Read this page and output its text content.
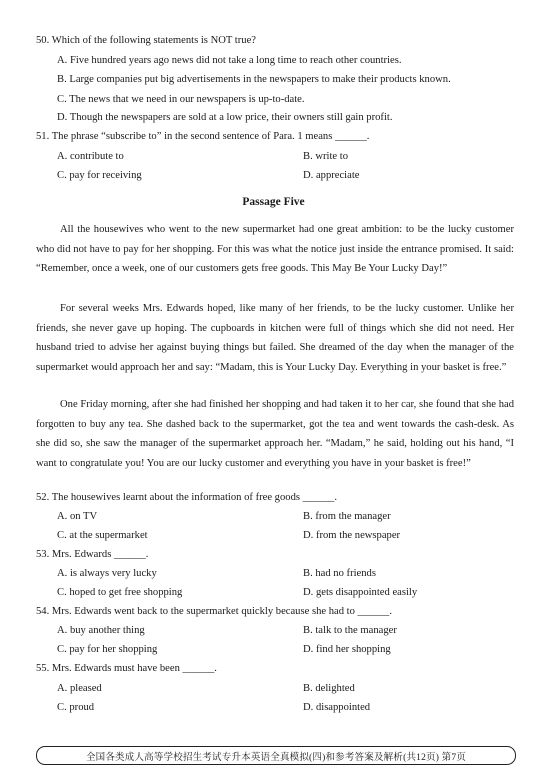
50. Which of the following statements is NOT true?
A. Five hundred years ago news did not take a long time to reach other countries.
B. Large companies put big advertisements in the newspapers to make their products known.
C. The news that we need in our newspapers is up-to-date.
D. Though the newspapers are sold at a low price, their owners still gain profit.
51. The phrase “subscribe to” in the second sentence of Para. 1 means ______.
A. contribute to	B. write to
C. pay for receiving	D. appreciate
Passage Five

All the housewives who went to the new supermarket had one great ambition: to be the lucky customer who did not have to pay for her shopping. For this was what the notice just inside the entrance promised. It said: “Remember, once a week, one of our customers gets free goods. This May Be Your Lucky Day!”

For several weeks Mrs. Edwards hoped, like many of her friends, to be the lucky customer. Unlike her friends, she never gave up hoping. The cupboards in kitchen were full of things which she did not need. Her husband tried to advise her against buying things but failed. She dreamed of the day when the manager of the supermarket would approach her and say: “Madam, this is Your Lucky Day. Everything in your basket is free.”

One Friday morning, after she had finished her shopping and had taken it to her car, she found that she had forgotten to buy any tea. She dashed back to the supermarket, got the tea and went towards the cash-desk. As she did so, she saw the manager of the supermarket approach her. “Madam,” he said, holding out his hand, “I want to congratulate you! You are our lucky customer and everything you have in your basket is free!”

52. The housewives learnt about the information of free goods ______.
A. on TV	B. from the manager
C. at the supermarket	D. from the newspaper
53. Mrs. Edwards ______.
A. is always very lucky	B. had no friends
C. hoped to get free shopping	D. gets disappointed easily
54. Mrs. Edwards went back to the supermarket quickly because she had to ______.
A. buy another thing	B. talk to the manager
C. pay for her shopping	D. find her shopping
55. Mrs. Edwards must have been ______.
A. pleased	B. delighted
C. proud	D. disappointed
全国各类成人高等学校招生考试专升本英语全真模拟(四)和参考答案及解析(共12页) 第7页
